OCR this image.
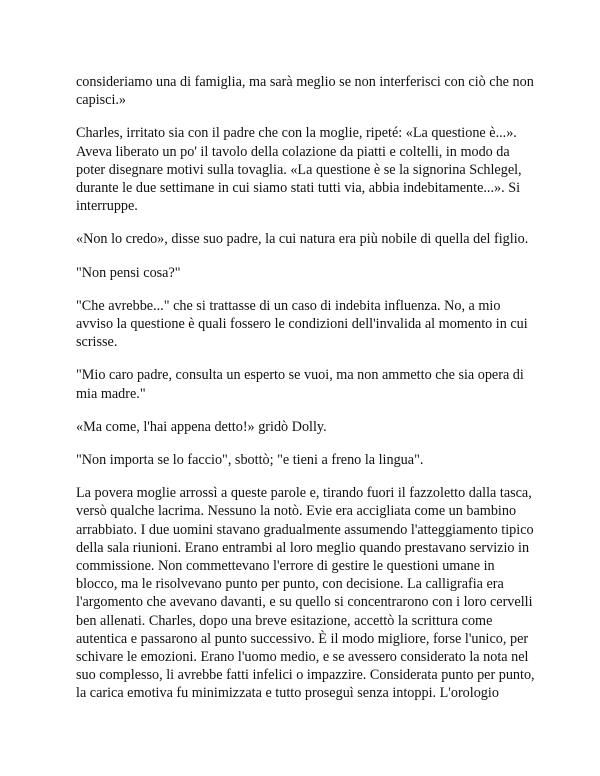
consideriamo una di famiglia, ma sarà meglio se non interferisci con ciò che non capisci.»

Charles, irritato sia con il padre che con la moglie, ripeté: «La questione è...». Aveva liberato un po' il tavolo della colazione da piatti e coltelli, in modo da poter disegnare motivi sulla tovaglia. «La questione è se la signorina Schlegel, durante le due settimane in cui siamo stati tutti via, abbia indebitamente...». Si interruppe.

«Non lo credo», disse suo padre, la cui natura era più nobile di quella del figlio.

"Non pensi cosa?"

"Che avrebbe..." che si trattasse di un caso di indebita influenza. No, a mio avviso la questione è quali fossero le condizioni dell'invalida al momento in cui scrisse.

"Mio caro padre, consulta un esperto se vuoi, ma non ammetto che sia opera di mia madre."

«Ma come, l'hai appena detto!» gridò Dolly.

"Non importa se lo faccio", sbottò; "e tieni a freno la lingua".

La povera moglie arrossì a queste parole e, tirando fuori il fazzoletto dalla tasca, versò qualche lacrima. Nessuno la notò. Evie era accigliata come un bambino arrabbiato. I due uomini stavano gradualmente assumendo l'atteggiamento tipico della sala riunioni. Erano entrambi al loro meglio quando prestavano servizio in commissione. Non commettevano l'errore di gestire le questioni umane in blocco, ma le risolvevano punto per punto, con decisione. La calligrafia era l'argomento che avevano davanti, e su quello si concentrarono con i loro cervelli ben allenati. Charles, dopo una breve esitazione, accettò la scrittura come autentica e passarono al punto successivo. È il modo migliore, forse l'unico, per schivare le emozioni. Erano l'uomo medio, e se avessero considerato la nota nel suo complesso, li avrebbe fatti infelici o impazzire. Considerata punto per punto, la carica emotiva fu minimizzata e tutto proseguì senza intoppi. L'orologio
